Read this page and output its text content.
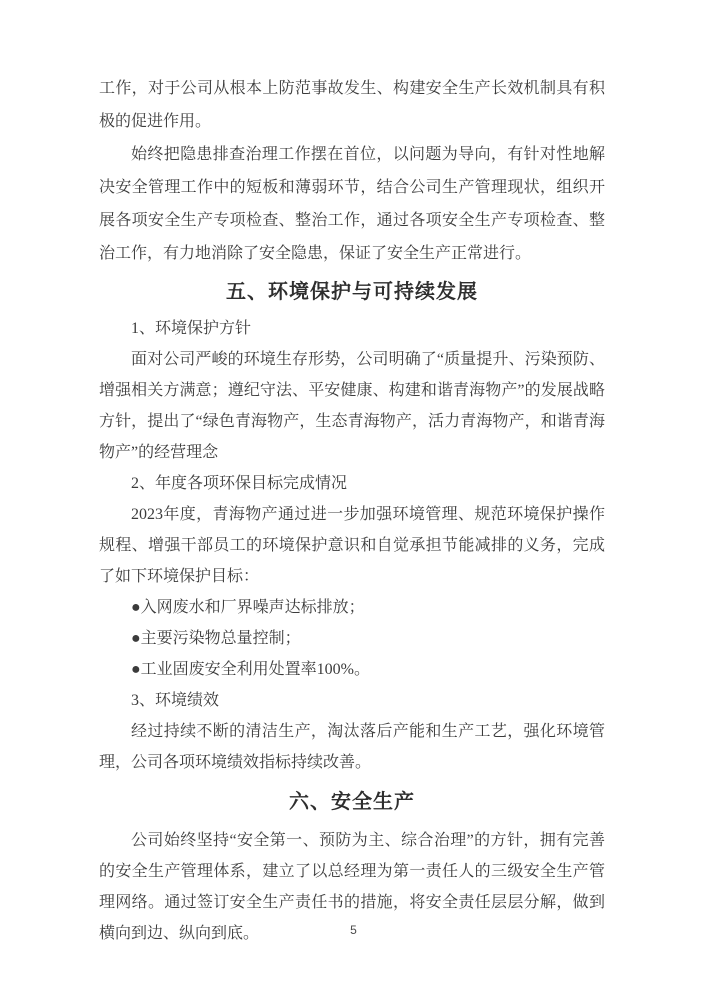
工作，对于公司从根本上防范事故发生、构建安全生产长效机制具有积极的促进作用。

始终把隐患排查治理工作摆在首位，以问题为导向，有针对性地解决安全管理工作中的短板和薄弱环节，结合公司生产管理现状，组织开展各项安全生产专项检查、整治工作，通过各项安全生产专项检查、整治工作，有力地消除了安全隐患，保证了安全生产正常进行。

五、环境保护与可持续发展

1、环境保护方针

面对公司严峻的环境生存形势，公司明确了“质量提升、污染预防、增强相关方满意；遵纪守法、平安健康、构建和谐青海物产”的发展战略方针，提出了“绿色青海物产，生态青海物产，活力青海物产，和谐青海物产”的经营理念

2、年度各项环保目标完成情况

2023年度，青海物产通过进一步加强环境管理、规范环境保护操作规程、增强干部员工的环境保护意识和自觉承担节能减排的义务，完成了如下环境保护目标：

●入网废水和厂界噪声达标排放；

●主要污染物总量控制；

●工业固废安全利用处置率100%。

3、环境绩效

经过持续不断的清洁生产，淘汰落后产能和生产工艺，强化环境管理，公司各项环境绩效指标持续改善。

六、安全生产

公司始终坚持“安全第一、预防为主、综合治理”的方针，拥有完善的安全生产管理体系，建立了以总经理为第一责任人的三级安全生产管理网络。通过签订安全生产责任书的措施，将安全责任层层分解，做到横向到边、纵向到底。	5
